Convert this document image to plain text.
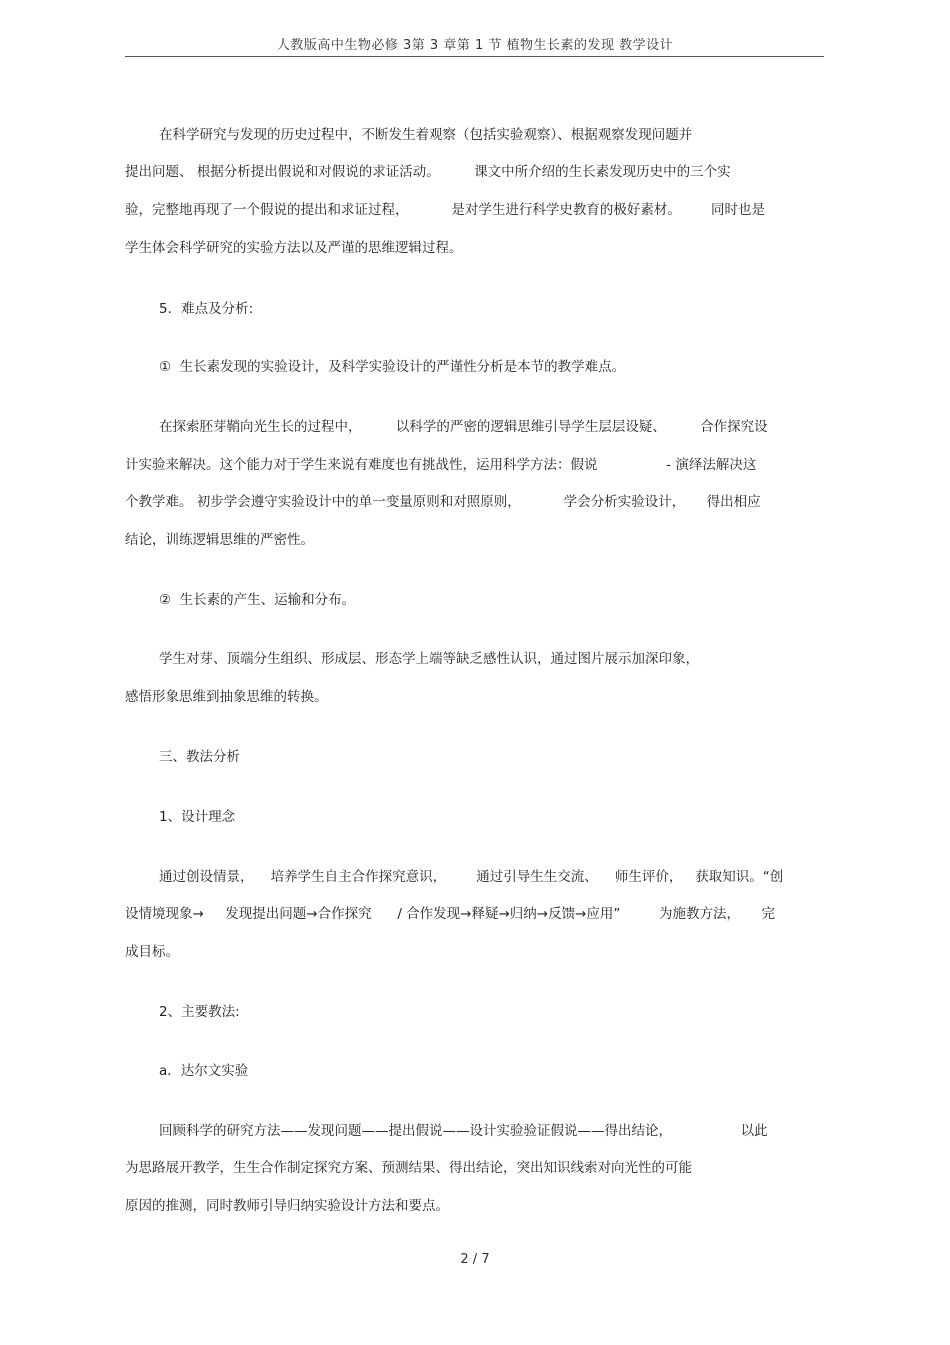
人教版高中生物必修 3第 3 章第 1 节 植物生长素的发现 教学设计
在科学研究与发现的历史过程中，不断发生着观察（包括实验观察）、根据观察发现问题并
提出问题、 根据分析提出假说和对假说的求证活动。        课文中所介绍的生长素发现历史中的三个实
验，完整地再现了一个假说的提出和求证过程，          是对学生进行科学史教育的极好素材。       同时也是
学生体会科学研究的实验方法以及严谨的思维逻辑过程。
5．难点及分析:
①  生长素发现的实验设计，及科学实验设计的严谨性分析是本节的教学难点。
在探索胚芽鞘向光生长的过程中，        以科学的严密的逻辑思维引导学生层层设疑、        合作探究设
计实验来解决。这个能力对于学生来说有难度也有挑战性，运用科学方法：假说                - 演绎法解决这
个教学难。 初步学会遵守实验设计中的单一变量原则和对照原则，          学会分析实验设计，     得出相应
结论，训练逻辑思维的严密性。
②  生长素的产生、运输和分布。
学生对芽、顶端分生组织、形成层、形态学上端等缺乏感性认识，通过图片展示加深印象，
感悟形象思维到抽象思维的转换。
三、教法分析
1、设计理念
通过创设情景，    培养学生自主合作探究意识，       通过引导生生交流、    师生评价，   获取知识。“创
设情境现象→     发现提出问题→合作探究      / 合作发现→释疑→归纳→反馈→应用”         为施教方法，     完
成目标。
2、主要教法:
a．达尔文实验
回顾科学的研究方法——发现问题——提出假说——设计实验验证假说——得出结论，                以此
为思路展开教学，生生合作制定探究方案、预测结果、得出结论，突出知识线索对向光性的可能
原因的推测，同时教师引导归纳实验设计方法和要点。
2 / 7
